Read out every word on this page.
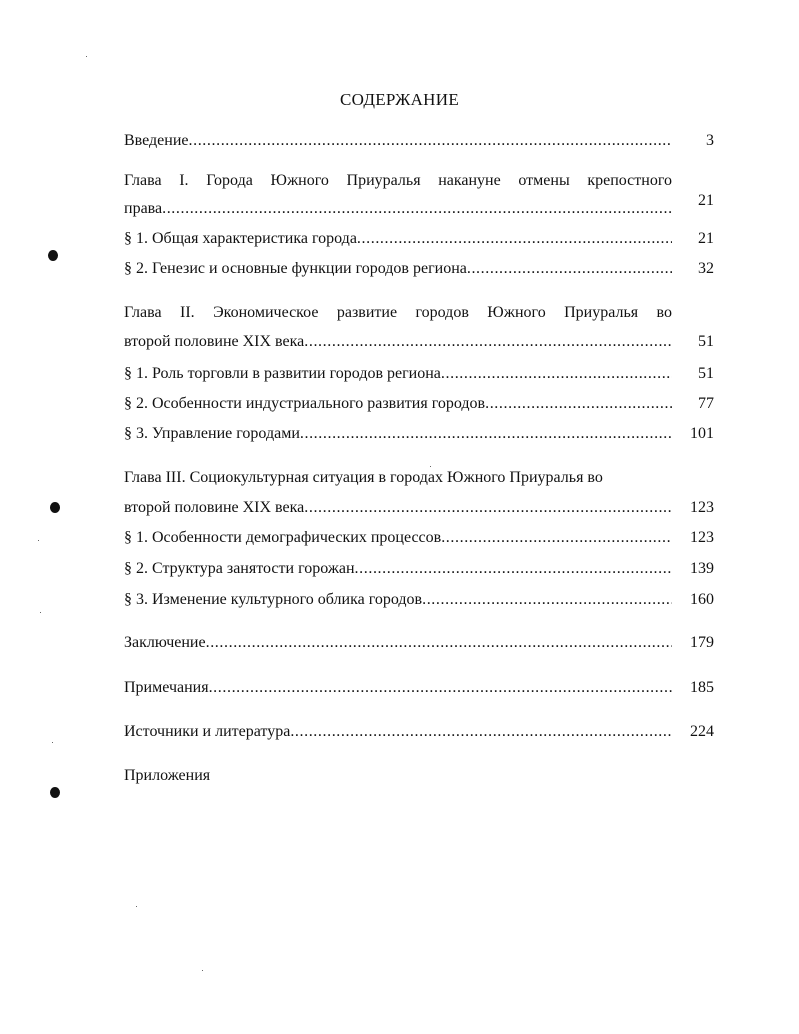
СОДЕРЖАНИЕ
Введение .....	3
Глава I. Города Южного Приуралья накануне отмены крепостного
права .....	21
§ 1. Общая характеристика города .....	21
§ 2. Генезис и основные функции городов региона .....	32
Глава II. Экономическое развитие городов Южного Приуралья во
второй половине XIX века .....	51
§ 1. Роль торговли в развитии городов региона .....	51
§ 2. Особенности индустриального развития городов .....	77
§ 3. Управление городами .....	101
Глава III. Социокультурная ситуация в городах Южного Приуралья во
второй половине XIX века .....	123
§ 1. Особенности демографических процессов .....	123
§ 2. Структура занятости горожан .....	139
§ 3. Изменение культурного облика городов .....	160
Заключение .....	179
Примечания .....	185
Источники и литература .....	224
Приложения
